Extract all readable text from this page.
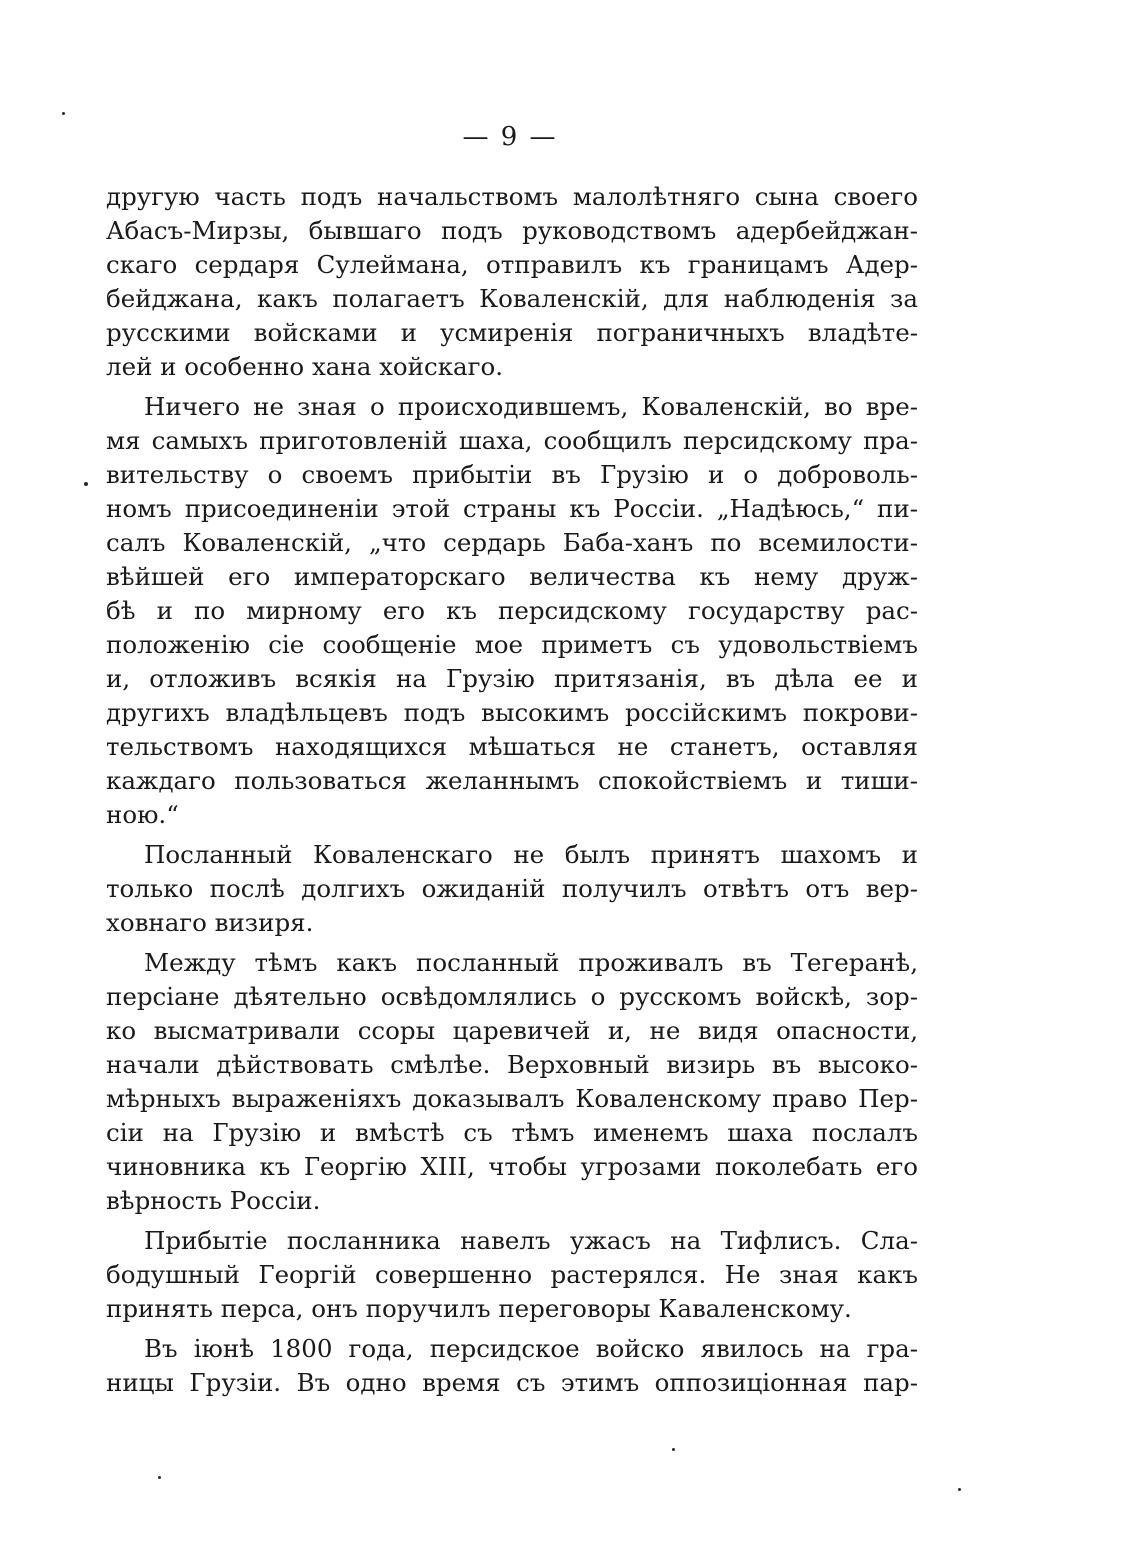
— 9 —
другую часть подъ начальствомъ малолѣтняго сына своего
Абасъ-Мирзы, бывшаго подъ руководствомъ адербейджан-
скаго сердаря Сулеймана, отправилъ къ границамъ Адер-
бейджана, какъ полагаетъ Коваленскій, для наблюденія за
русскими войсками и усмиренія пограничныхъ владѣте-
лей и особенно хана хойскаго.
Ничего не зная о происходившемъ, Коваленскій, во вре-
мя самыхъ приготовленій шаха, сообщилъ персидскому пра-
вительству о своемъ прибытіи въ Грузію и о доброволь-
номъ присоединеніи этой страны къ Россіи. „Надѣюсь,“ пи-
салъ Коваленскій, „что сердарь Баба-ханъ по всемилости-
вѣйшей его императорскаго величества къ нему друж-
бѣ и по мирному его къ персидскому государству рас-
положенію сіе сообщеніе мое приметъ съ удовольствіемъ
и, отложивъ всякія на Грузію притязанія, въ дѣла ее и
другихъ владѣльцевъ подъ высокимъ россійскимъ покрови-
тельствомъ находящихся мѣшаться не станетъ, оставляя
каждаго пользоваться желаннымъ спокойствіемъ и тиши-
ною.“
Посланный Коваленскаго не былъ принятъ шахомъ и
только послѣ долгихъ ожиданій получилъ отвѣтъ отъ вер-
ховнаго визиря.
Между тѣмъ какъ посланный проживалъ въ Тегеранѣ,
персіане дѣятельно освѣдомлялись о русскомъ войскѣ, зор-
ко высматривали ссоры царевичей и, не видя опасности,
начали дѣйствовать смѣлѣе. Верховный визирь въ высоко-
мѣрныхъ выраженіяхъ доказывалъ Коваленскому право Пер-
сіи на Грузію и вмѣстѣ съ тѣмъ именемъ шаха послалъ
чиновника къ Георгію XIII, чтобы угрозами поколебать его
вѣрность Россіи.
Прибытіе посланника навелъ ужасъ на Тифлисъ. Сла-
бодушный Георгій совершенно растерялся. Не зная какъ
принять перса, онъ поручилъ переговоры Каваленскому.
Въ іюнѣ 1800 года, персидское войско явилось на гра-
ницы Грузіи. Въ одно время съ этимъ оппозиціонная пар-
